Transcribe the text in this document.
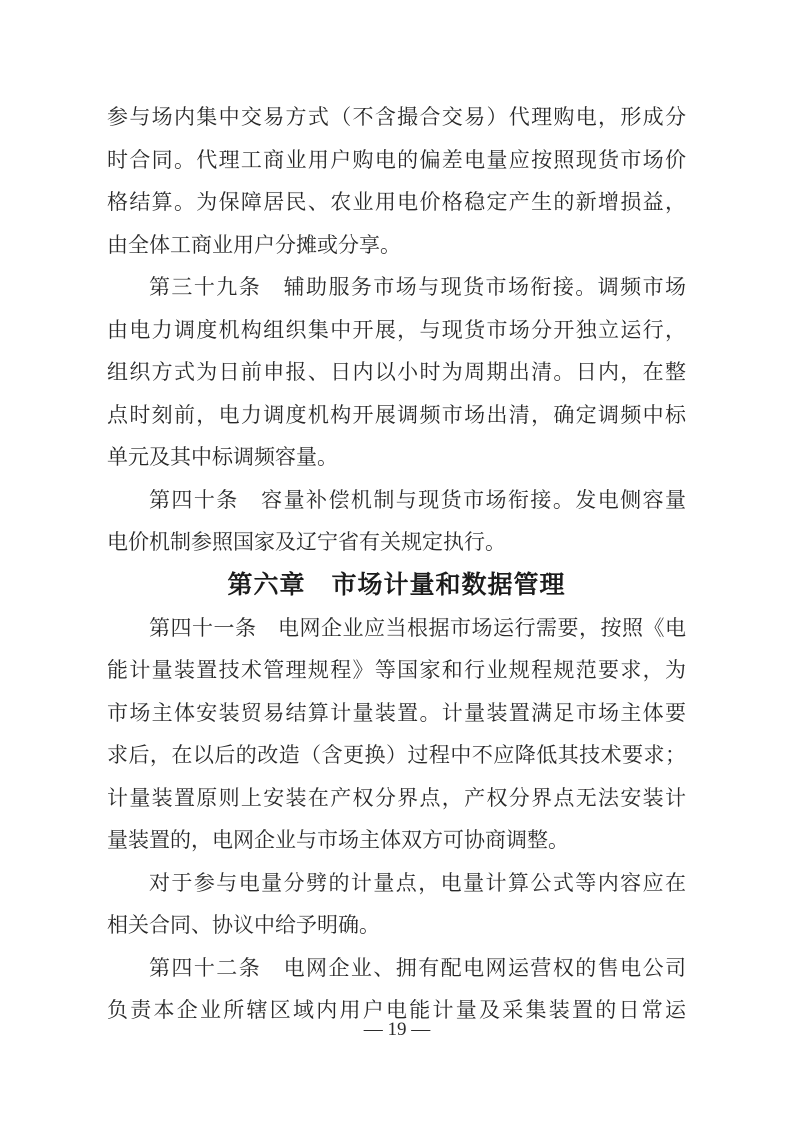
参与场内集中交易方式（不含撮合交易）代理购电，形成分

时合同。代理工商业用户购电的偏差电量应按照现货市场价

格结算。为保障居民、农业用电价格稳定产生的新增损益，

由全体工商业用户分摊或分享。

第三十九条　辅助服务市场与现货市场衔接。调频市场

由电力调度机构组织集中开展，与现货市场分开独立运行，

组织方式为日前申报、日内以小时为周期出清。日内，在整

点时刻前，电力调度机构开展调频市场出清，确定调频中标

单元及其中标调频容量。

第四十条　容量补偿机制与现货市场衔接。发电侧容量

电价机制参照国家及辽宁省有关规定执行。

第六章　市场计量和数据管理

第四十一条　电网企业应当根据市场运行需要，按照《电

能计量装置技术管理规程》等国家和行业规程规范要求，为

市场主体安装贸易结算计量装置。计量装置满足市场主体要

求后，在以后的改造（含更换）过程中不应降低其技术要求；

计量装置原则上安装在产权分界点，产权分界点无法安装计

量装置的，电网企业与市场主体双方可协商调整。

对于参与电量分劈的计量点，电量计算公式等内容应在

相关合同、协议中给予明确。

第四十二条　电网企业、拥有配电网运营权的售电公司

负责本企业所辖区域内用户电能计量及采集装置的日常运

— 19 —
